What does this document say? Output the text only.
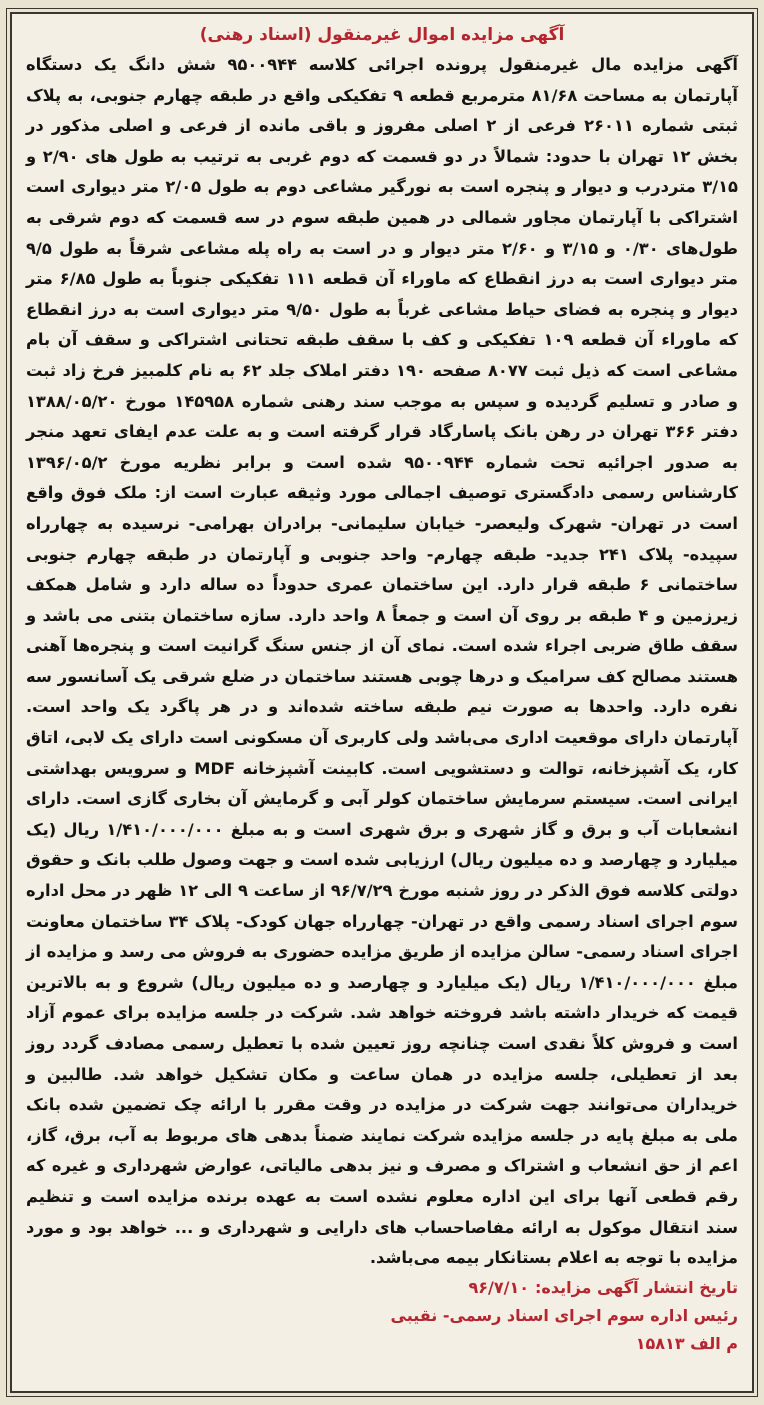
آگهی مزایده اموال غیرمنقول (اسناد رهنی)

آگهی مزایده مال غیرمنقول پرونده اجرائی کلاسه ۹۵۰۰۹۴۴ شش دانگ یک دستگاه آپارتمان به مساحت ۸۱/۶۸ مترمربع قطعه ۹ تفکیکی واقع در طبقه چهارم جنوبی، به پلاک ثبتی شماره ۲۶۰۱۱ فرعی از ۲ اصلی مفروز و باقی مانده از فرعی و اصلی مذکور در بخش ۱۲ تهران با حدود: شمالاً در دو قسمت که دوم غربی به ترتیب به طول های ۲/۹۰ و ۳/۱۵ متردرب و دیوار و پنجره است به نورگیر مشاعی دوم به طول ۲/۰۵ متر دیواری است اشتراکی با آپارتمان مجاور شمالی در همین طبقه سوم در سه قسمت که دوم شرقی به طول‌های ۰/۳۰ و ۳/۱۵ و ۲/۶۰ متر دیوار و در است به راه پله مشاعی شرقاً به طول ۹/۵ متر دیواری است به درز انقطاع که ماوراء آن قطعه ۱۱۱ تفکیکی جنوباً به طول ۶/۸۵ متر دیوار و پنجره به فضای حیاط مشاعی غرباً به طول ۹/۵۰ متر دیواری است به درز انقطاع که ماوراء آن قطعه ۱۰۹ تفکیکی و کف با سقف طبقه تحتانی اشتراکی و سقف آن بام مشاعی است که ذیل ثبت ۸۰۷۷ صفحه ۱۹۰ دفتر املاک جلد ۶۲ به نام کلمبیز فرخ زاد ثبت و صادر و تسلیم گردیده و سپس به موجب سند رهنی شماره ۱۴۵۹۵۸ مورخ ۱۳۸۸/۰۵/۲۰ دفتر ۳۶۶ تهران در رهن بانک پاسارگاد قرار گرفته است و به علت عدم ایفای تعهد منجر به صدور اجرائیه تحت شماره ۹۵۰۰۹۴۴ شده است و برابر نظریه مورخ ۱۳۹۶/۰۵/۲ کارشناس رسمی دادگستری توصیف اجمالی مورد وثیقه عبارت است از: ملک فوق واقع است در تهران- شهرک ولیعصر- خیابان سلیمانی- برادران بهرامی- نرسیده به چهارراه سپیده- پلاک ۲۴۱ جدید- طبقه چهارم- واحد جنوبی و آپارتمان در طبقه چهارم جنوبی ساختمانی ۶ طبقه قرار دارد. این ساختمان عمری حدوداً ده ساله دارد و شامل همکف زیرزمین و ۴ طبقه بر روی آن است و جمعاً ۸ واحد دارد. سازه ساختمان بتنی می باشد و سقف طاق ضربی اجراء شده است. نمای آن از جنس سنگ گرانیت است و پنجره‌ها آهنی هستند مصالح کف سرامیک و درها چوبی هستند ساختمان در ضلع شرقی یک آسانسور سه نفره دارد. واحدها به صورت نیم طبقه ساخته شده‌اند و در هر پاگرد یک واحد است. آپارتمان دارای موقعیت اداری می‌باشد ولی کاربری آن مسکونی است دارای یک لابی، اتاق کار، یک آشپزخانه، توالت و دستشویی است. کابینت آشپزخانه MDF و سرویس بهداشتی ایرانی است. سیستم سرمایش ساختمان کولر آبی و گرمایش آن بخاری گازی است. دارای انشعابات آب و برق و گاز شهری و برق شهری است و به مبلغ ۱/۴۱۰/۰۰۰/۰۰۰ ریال (یک میلیارد و چهارصد و ده میلیون ریال) ارزیابی شده است و جهت وصول طلب بانک و حقوق دولتی کلاسه فوق الذکر در روز شنبه مورخ ۹۶/۷/۲۹ از ساعت ۹ الی ۱۲ ظهر در محل اداره سوم اجرای اسناد رسمی واقع در تهران- چهارراه جهان کودک- پلاک ۳۴ ساختمان معاونت اجرای اسناد رسمی- سالن مزایده از طریق مزایده حضوری به فروش می رسد و مزایده از مبلغ ۱/۴۱۰/۰۰۰/۰۰۰ ریال (یک میلیارد و چهارصد و ده میلیون ریال) شروع و به بالاترین قیمت که خریدار داشته باشد فروخته خواهد شد. شرکت در جلسه مزایده برای عموم آزاد است و فروش کلاً نقدی است چنانچه روز تعیین شده با تعطیل رسمی مصادف گردد روز بعد از تعطیلی، جلسه مزایده در همان ساعت و مکان تشکیل خواهد شد. طالبین و خریداران می‌توانند جهت شرکت در مزایده در وقت مقرر با ارائه چک تضمین شده بانک ملی به مبلغ پایه در جلسه مزایده شرکت نمایند ضمناً بدهی های مربوط به آب، برق، گاز، اعم از حق انشعاب و اشتراک و مصرف و نیز بدهی مالیاتی، عوارض شهرداری و غیره که رقم قطعی آنها برای این اداره معلوم نشده است به عهده برنده مزایده است و تنظیم سند انتقال موکول به ارائه مفاصاحساب های دارایی و شهرداری و ... خواهد بود و مورد مزایده با توجه به اعلام بستانکار بیمه می‌باشد.

تاریخ انتشار آگهی مزایده:۹۶/۷/۱۰

رئیس اداره سوم اجرای اسناد رسمی- نقیبی

م الف ۱۵۸۱۳
